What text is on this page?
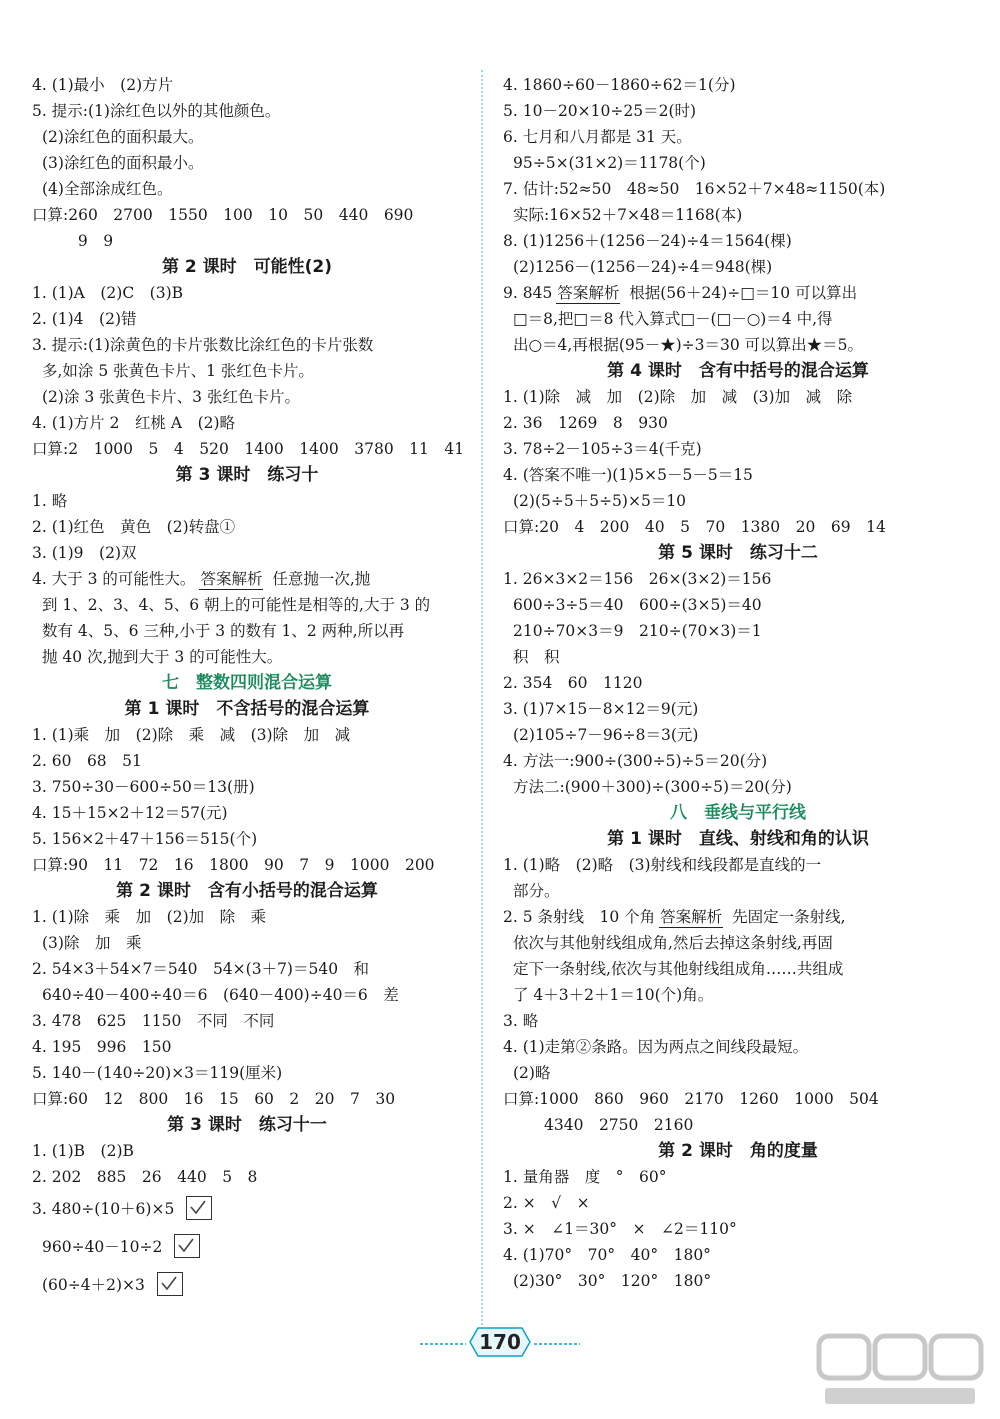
4. (1)最小　(2)方片
5. 提示:(1)涂红色以外的其他颜色。
(2)涂红色的面积最大。
(3)涂红色的面积最小。
(4)全部涂成红色。
口算:260　2700　1550　100　10　50　440　690
　　 9　9
第 2 课时　可能性(2)
1. (1)A　(2)C　(3)B
2. (1)4　(2)错
3. 提示:(1)涂黄色的卡片张数比涂红色的卡片张数
多,如涂 5 张黄色卡片、1 张红色卡片。
(2)涂 3 张黄色卡片、3 张红色卡片。
4. (1)方片 2　红桃 A　(2)略
口算:2　1000　5　4　520　1400　1400　3780　11　41
第 3 课时　练习十
1. 略
2. (1)红色　黄色　(2)转盘①
3. (1)9　(2)双
4. 大于 3 的可能性大。 答案解析 任意抛一次,抛
到 1、2、3、4、5、6 朝上的可能性是相等的,大于 3 的
数有 4、5、6 三种,小于 3 的数有 1、2 两种,所以再
抛 40 次,抛到大于 3 的可能性大。
七　整数四则混合运算
第 1 课时　不含括号的混合运算
1. (1)乘　加　(2)除　乘　减　(3)除　加　减
2. 60　68　51
3. 750÷30－600÷50＝13(册)
4. 15＋15×2＋12＝57(元)
5. 156×2＋47＋156＝515(个)
口算:90　11　72　16　1800　90　7　9　1000　200
第 2 课时　含有小括号的混合运算
1. (1)除　乘　加　(2)加　除　乘
(3)除　加　乘
2. 54×3＋54×7＝540　54×(3＋7)＝540　和
640÷40－400÷40＝6　(640－400)÷40＝6　差
3. 478　625　1150　不同　不同
4. 195　996　150
5. 140－(140÷20)×3＝119(厘米)
口算:60　12　800　16　15　60　2　20　7　30
第 3 课时　练习十一
1. (1)B　(2)B
2. 202　885　26　440　5　8
3. 480÷(10＋6)×5
960÷40－10÷2
(60÷4＋2)×3
4. 1860÷60－1860÷62＝1(分)
5. 10－20×10÷25＝2(时)
6. 七月和八月都是 31 天。
95÷5×(31×2)＝1178(个)
7. 估计:52≈50　48≈50　16×52＋7×48≈1150(本)
实际:16×52＋7×48＝1168(本)
8. (1)1256＋(1256－24)÷4＝1564(棵)
(2)1256－(1256－24)÷4＝948(棵)
9. 845 答案解析 根据(56＋24)÷□＝10 可以算出
□＝8,把□＝8 代入算式□－(□－○)＝4 中,得
出○＝4,再根据(95－★)÷3＝30 可以算出★＝5。
第 4 课时　含有中括号的混合运算
1. (1)除　减　加　(2)除　加　减　(3)加　减　除
2. 36　1269　8　930
3. 78÷2－105÷3＝4(千克)
4. (答案不唯一)(1)5×5－5－5＝15
(2)(5÷5＋5÷5)×5＝10
口算:20　4　200　40　5　70　1380　20　69　14
第 5 课时　练习十二
1. 26×3×2＝156　26×(3×2)＝156
600÷3÷5＝40　600÷(3×5)＝40
210÷70×3＝9　210÷(70×3)＝1
积　积
2. 354　60　1120
3. (1)7×15－8×12＝9(元)
(2)105÷7－96÷8＝3(元)
4. 方法一:900÷(300÷5)÷5＝20(分)
方法二:(900＋300)÷(300÷5)＝20(分)
八　垂线与平行线
第 1 课时　直线、射线和角的认识
1. (1)略　(2)略　(3)射线和线段都是直线的一
部分。
2. 5 条射线　10 个角 答案解析 先固定一条射线,
依次与其他射线组成角,然后去掉这条射线,再固
定下一条射线,依次与其他射线组成角……共组成
了 4＋3＋2＋1＝10(个)角。
3. 略
4. (1)走第②条路。因为两点之间线段最短。
(2)略
口算:1000　860　960　2170　1260　1000　504
　　4340　2750　2160
第 2 课时　角的度量
1. 量角器　度　°　60°
2. ×　√　×
3. ×　∠1＝30°　×　∠2＝110°
4. (1)70°　70°　40°　180°
(2)30°　30°　120°　180°
170
